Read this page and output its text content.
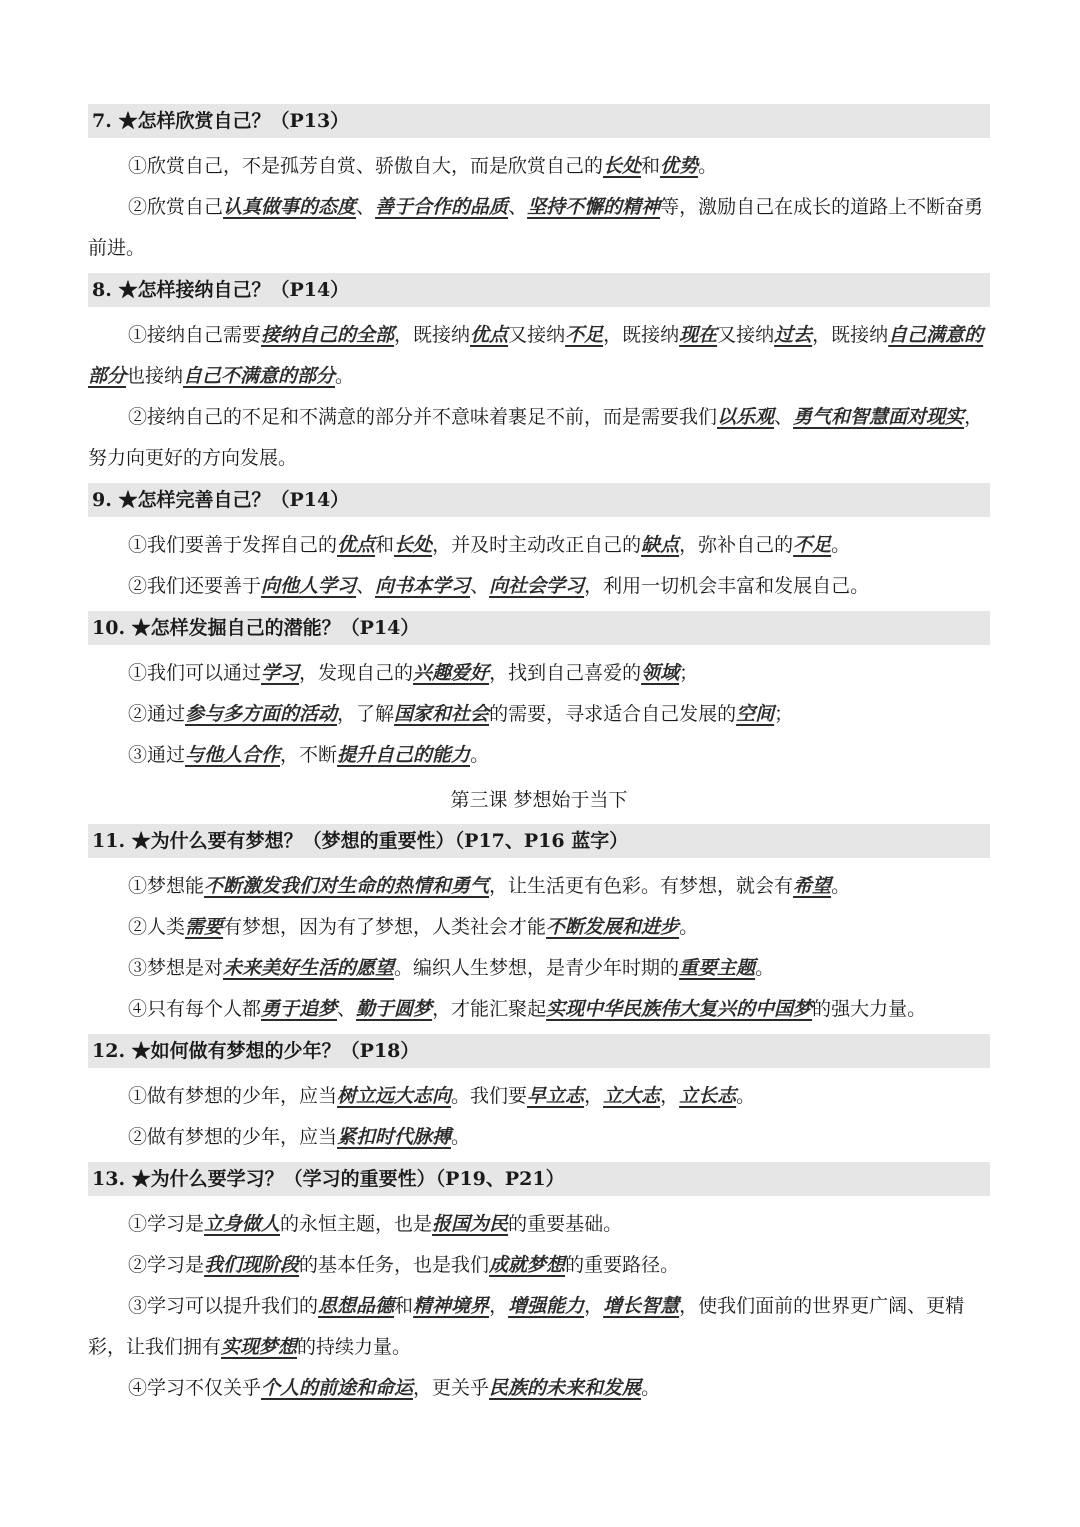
7. ★怎样欣赏自己？（P13）

①欣赏自己，不是孤芳自赏、骄傲自大，而是欣赏自己的长处和优势。

②欣赏自己认真做事的态度、善于合作的品质、坚持不懈的精神等，激励自己在成长的道路上不断奋勇前进。

8. ★怎样接纳自己？（P14）

①接纳自己需要接纳自己的全部，既接纳优点又接纳不足，既接纳现在又接纳过去，既接纳自己满意的部分也接纳自己不满意的部分。

②接纳自己的不足和不满意的部分并不意味着裹足不前，而是需要我们以乐观、勇气和智慧面对现实，努力向更好的方向发展。

9. ★怎样完善自己？（P14）

①我们要善于发挥自己的优点和长处，并及时主动改正自己的缺点，弥补自己的不足。

②我们还要善于向他人学习、向书本学习、向社会学习，利用一切机会丰富和发展自己。

10. ★怎样发掘自己的潜能？（P14）

①我们可以通过学习，发现自己的兴趣爱好，找到自己喜爱的领域；

②通过参与多方面的活动，了解国家和社会的需要，寻求适合自己发展的空间；

③通过与他人合作，不断提升自己的能力。

第三课 梦想始于当下
11. ★为什么要有梦想？（梦想的重要性）（P17、P16 蓝字）

①梦想能不断激发我们对生命的热情和勇气，让生活更有色彩。有梦想，就会有希望。

②人类需要有梦想，因为有了梦想，人类社会才能不断发展和进步。

③梦想是对未来美好生活的愿望。编织人生梦想，是青少年时期的重要主题。

④只有每个人都勇于追梦、勤于圆梦，才能汇聚起实现中华民族伟大复兴的中国梦的强大力量。

12. ★如何做有梦想的少年？（P18）

①做有梦想的少年，应当树立远大志向。我们要早立志，立大志，立长志。

②做有梦想的少年，应当紧扣时代脉搏。

13. ★为什么要学习？（学习的重要性）（P19、P21）

①学习是立身做人的永恒主题，也是报国为民的重要基础。

②学习是我们现阶段的基本任务，也是我们成就梦想的重要路径。

③学习可以提升我们的思想品德和精神境界，增强能力，增长智慧，使我们面前的世界更广阔、更精彩，让我们拥有实现梦想的持续力量。

④学习不仅关乎个人的前途和命运，更关乎民族的未来和发展。
